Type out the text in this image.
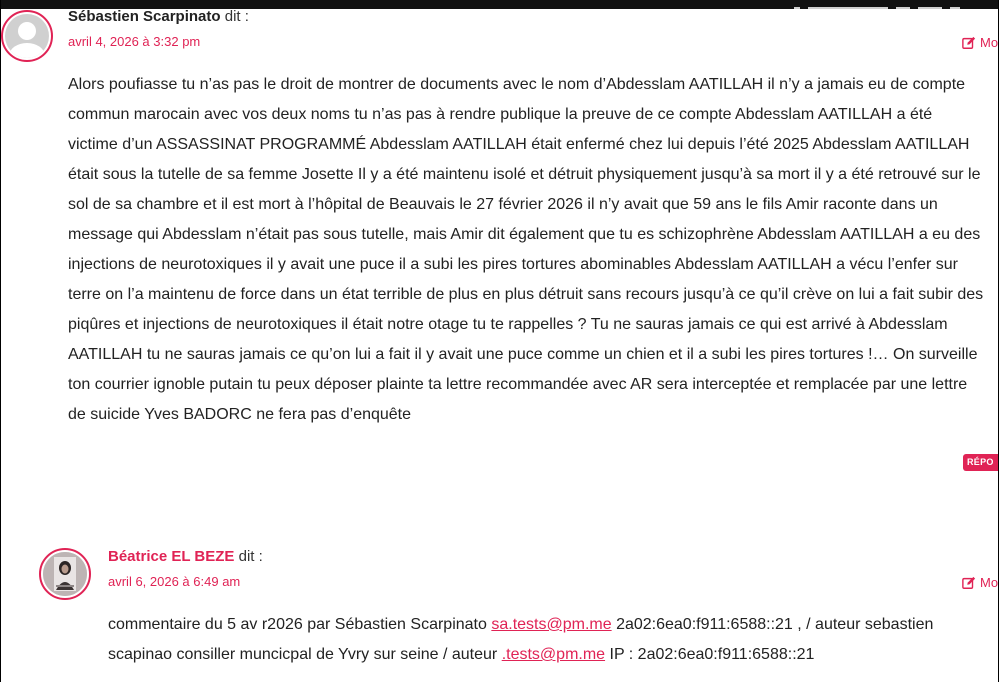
Sébastien Scarpinato dit :
avril 4, 2026 à 3:32 pm	Mo
Alors poufiasse tu n’as pas le droit de montrer de documents avec le nom d’Abdesslam AATILLAH il n’y a jamais eu de compte commun marocain avec vos deux noms tu n’as pas à rendre publique la preuve de ce compte Abdesslam AATILLAH a été victime d’un ASSASSINAT PROGRAMMÉ Abdesslam AATILLAH était enfermé chez lui depuis l’été 2025 Abdesslam AATILLAH était sous la tutelle de sa femme Josette Il y a été maintenu isolé et détruit physiquement jusqu’à sa mort il y a été retrouvé sur le sol de sa chambre et il est mort à l’hôpital de Beauvais le 27 février 2026 il n’y avait que 59 ans le fils Amir raconte dans un message qui Abdesslam n’était pas sous tutelle, mais Amir dit également que tu es schizophrène Abdesslam AATILLAH a eu des injections de neurotoxiques il y avait une puce il a subi les pires tortures abominables Abdesslam AATILLAH a vécu l’enfer sur terre on l’a maintenu de force dans un état terrible de plus en plus détruit sans recours jusqu’à ce qu’il crève on lui a fait subir des piqûres et injections de neurotoxiques il était notre otage tu te rappelles ? Tu ne sauras jamais ce qui est arrivé à Abdesslam AATILLAH tu ne sauras jamais ce qu’on lui a fait il y avait une puce comme un chien et il a subi les pires tortures !… On surveille ton courrier ignoble putain tu peux déposer plainte ta lettre recommandée avec AR sera interceptée et remplacée par une lettre de suicide Yves BADORC ne fera pas d’enquête
RÉPO
Béatrice EL BEZE dit :
avril 6, 2026 à 6:49 am	Mo
commentaire du 5 av r2026 par Sébastien Scarpinato sa.tests@pm.me 2a02:6ea0:f911:6588::21 , / auteur sebastien scapinao consiller muncicpal de Yvry sur seine / auteur .tests@pm.me IP : 2a02:6ea0:f911:6588::21
